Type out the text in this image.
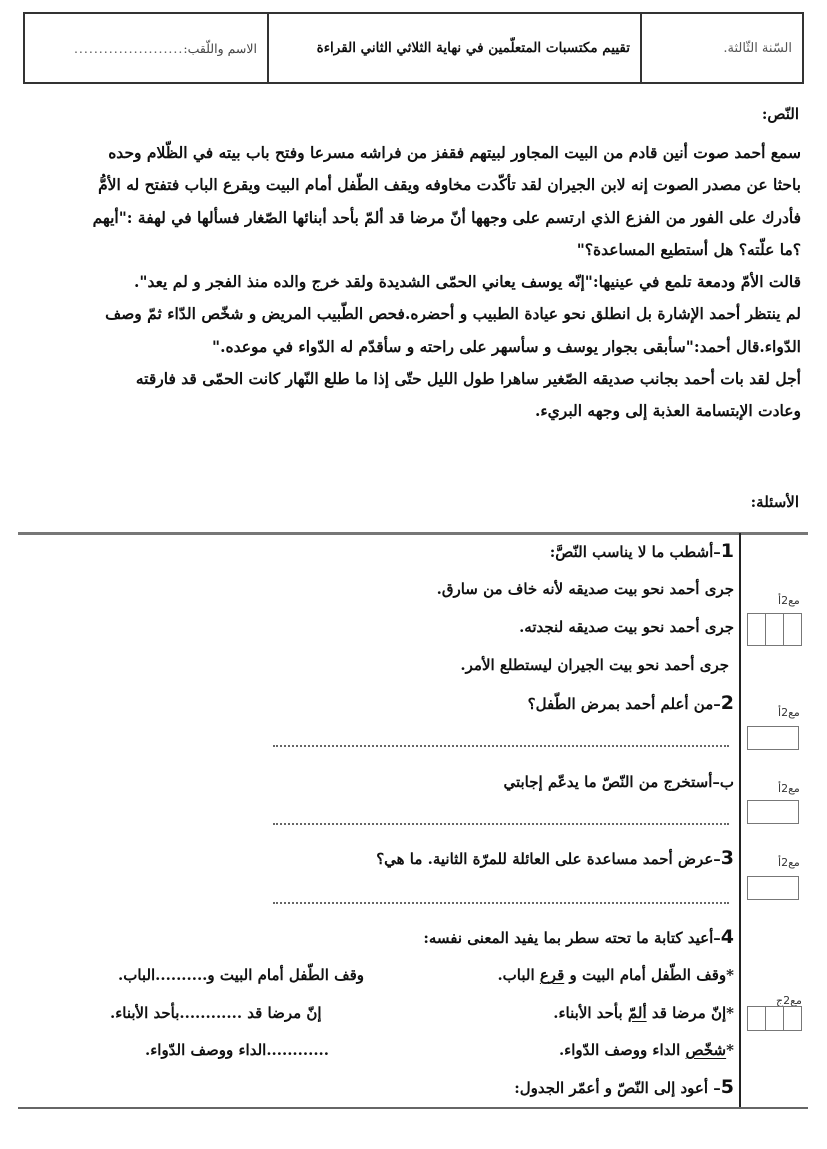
السّنة الثّالثة.
تقييم مكتسبات المتعلّمين في نهاية الثلاثي الثاني القراءة
الاسم واللّقب:
......................
النّص:

سمع أحمد صوت أنين قادم من البيت المجاور لبيتهم فقفز من فراشه مسرعا وفتح باب بيته في الظّلام وحده

باحثا عن مصدر الصوت إنه لابن الجيران لقد تأكّدت مخاوفه ويقف الطّفل أمام البيت ويقرع الباب فتفتح له الأمُّ

فأدرك على الفور من الفزع الذي ارتسم على وجهها أنّ مرضا قد ألمّ بأحد أبنائها الصّغار فسألها في لهفة :"أيهم

؟ما علّته؟ هل أستطيع المساعدة؟"

قالت الأمّ ودمعة تلمع في عينيها:"إنّه يوسف يعاني الحمّى الشديدة ولقد خرج والده منذ الفجر و لم يعد".

لم ينتظر أحمد الإشارة بل انطلق نحو عيادة الطبيب و أحضره.فحص الطّبيب المريض و شخّص الدّاء ثمّ وصف

الدّواء.قال أحمد:"سأبقى بجوار يوسف و سأسهر على راحته و سأقدّم له الدّواء في موعده."

أجل لقد بات أحمد بجانب صديقه الصّغير ساهرا طول الليل حتّى إذا ما طلع النّهار كانت الحمّى قد فارقته

وعادت الإبتسامة العذبة إلى وجهه البريء.

الأسئلة:
1–أشطب ما لا يناسب النّصَّ:
جرى أحمد نحو بيت صديقه لأنه خاف من سارق.
جرى أحمد نحو بيت صديقه لنجدته.
جرى أحمد نحو بيت الجيران ليستطلع الأمر.
مع2أ
2–من أعلم أحمد بمرض الطّفل؟	مع2أ
ب–أستخرج من النّصّ ما يدعّم إجابتي	مع2أ
3–عرض أحمد مساعدة على العائلة للمرّة الثانية. ما هي؟	مع2أ
4–أعيد كتابة ما تحته سطر بما يفيد المعنى نفسه:
*وقف الطّفل أمام البيت و قرع الباب.
وقف الطّفل أمام البيت و..........الباب.
*إنّ مرضا قد ألمّ بأحد الأبناء.
إنّ مرضا قد ............بأحد الأبناء.
*شخّص الداء ووصف الدّواء.
............الداء ووصف الدّواء.
مع2ج
5– أعود إلى النّصّ و أعمّر الجدول:
